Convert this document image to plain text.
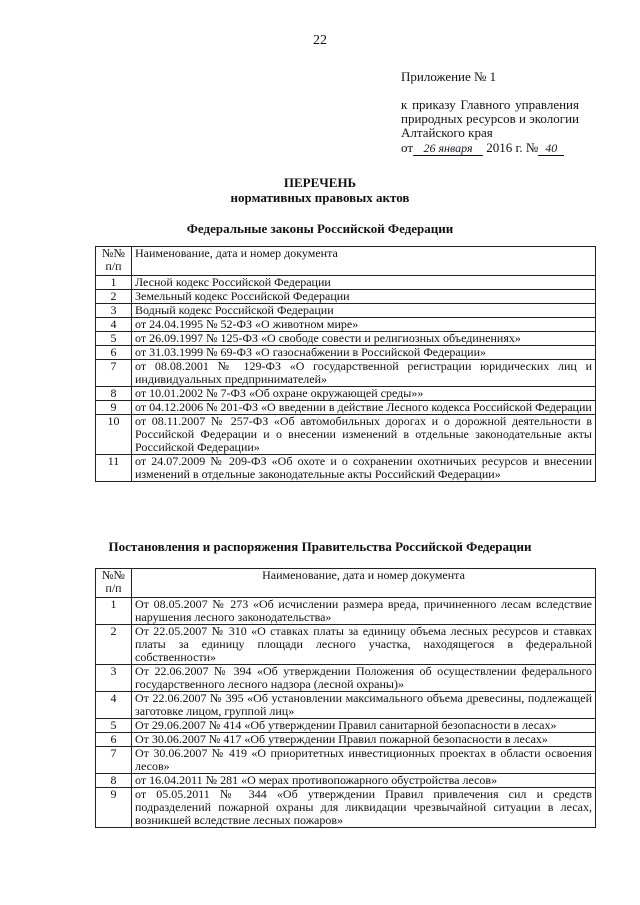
22
Приложение № 1
к приказу Главного управления природных ресурсов и экологии Алтайского края
от 26 января 2016 г. № 40
ПЕРЕЧЕНЬ
нормативных правовых актов
Федеральные законы Российской Федерации
№№ п/п	Наименование, дата и номер документа
1	Лесной кодекс Российской Федерации
2	Земельный кодекс Российской Федерации
3	Водный кодекс Российской Федерации
4	от 24.04.1995 № 52-ФЗ «О животном мире»
5	от 26.09.1997 № 125-ФЗ «О свободе совести и религиозных объединениях»
6	от 31.03.1999 № 69-ФЗ «О газоснабжении в Российской Федерации»
7	от 08.08.2001 № 129-ФЗ «О государственной регистрации юридических лиц и индивидуальных предпринимателей»
8	от 10.01.2002 № 7-ФЗ «Об охране окружающей среды»»
9	от 04.12.2006 № 201-ФЗ «О введении в действие Лесного кодекса Российской Федерации
10	от 08.11.2007 № 257-ФЗ «Об автомобильных дорогах и о дорожной деятельности в Российской Федерации и о внесении изменений в отдельные законодательные акты Российской Федерации»
11	от 24.07.2009 № 209-ФЗ «Об охоте и о сохранении охотничьих ресурсов и внесении изменений в отдельные законодательные акты Российский Федерации»
Постановления и распоряжения Правительства Российской Федерации
№№ п/п	Наименование, дата и номер документа
1	От 08.05.2007 № 273 «Об исчислении размера вреда, причиненного лесам вследствие нарушения лесного законодательства»
2	От 22.05.2007 № 310 «О ставках платы за единицу объема лесных ресурсов и ставках платы за единицу площади лесного участка, находящегося в федеральной собственности»
3	От 22.06.2007 № 394 «Об утверждении Положения об осуществлении федерального государственного лесного надзора (лесной охраны)»
4	От 22.06.2007 № 395 «Об установлении максимального объема древесины, подлежащей заготовке лицом, группой лиц»
5	От 29.06.2007 № 414 «Об утверждении Правил санитарной безопасности в лесах»
6	От 30.06.2007 № 417 «Об утверждении Правил пожарной безопасности в лесах»
7	От 30.06.2007 № 419 «О приоритетных инвестиционных проектах в области освоения лесов»
8	от 16.04.2011 № 281 «О мерах противопожарного обустройства лесов»
9	от 05.05.2011 № 344 «Об утверждении Правил привлечения сил и средств подразделений пожарной охраны для ликвидации чрезвычайной ситуации в лесах, возникшей вследствие лесных пожаров»
